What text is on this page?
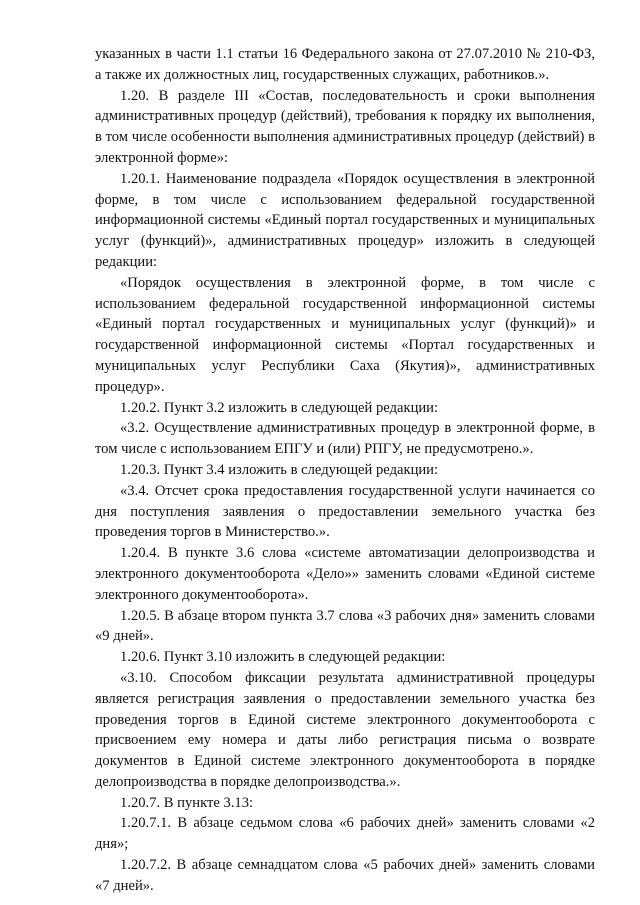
указанных в части 1.1 статьи 16 Федерального закона от 27.07.2010 № 210-ФЗ, а также их должностных лиц, государственных служащих, работников.».

1.20. В разделе III «Состав, последовательность и сроки выполнения административных процедур (действий), требования к порядку их выполнения, в том числе особенности выполнения административных процедур (действий) в электронной форме»:

1.20.1. Наименование подраздела «Порядок осуществления в электронной форме, в том числе с использованием федеральной государственной информационной системы «Единый портал государственных и муниципальных услуг (функций)», административных процедур» изложить в следующей редакции:

«Порядок осуществления в электронной форме, в том числе с использованием федеральной государственной информационной системы «Единый портал государственных и муниципальных услуг (функций)» и государственной информационной системы «Портал государственных и муниципальных услуг Республики Саха (Якутия)», административных процедур».

1.20.2. Пункт 3.2 изложить в следующей редакции:

«3.2. Осуществление административных процедур в электронной форме, в том числе с использованием ЕПГУ и (или) РПГУ, не предусмотрено.».

1.20.3. Пункт 3.4 изложить в следующей редакции:

«3.4. Отсчет срока предоставления государственной услуги начинается со дня поступления заявления о предоставлении земельного участка без проведения торгов в Министерство.».

1.20.4. В пункте 3.6 слова «системе автоматизации делопроизводства и электронного документооборота «Дело»» заменить словами «Единой системе электронного документооборота».

1.20.5. В абзаце втором пункта 3.7 слова «3 рабочих дня» заменить словами «9 дней».

1.20.6. Пункт 3.10 изложить в следующей редакции:

«3.10. Способом фиксации результата административной процедуры является регистрация заявления о предоставлении земельного участка без проведения торгов в Единой системе электронного документооборота с присвоением ему номера и даты либо регистрация письма о возврате документов в Единой системе электронного документооборота в порядке делопроизводства в порядке делопроизводства.».

1.20.7. В пункте 3.13:

1.20.7.1. В абзаце седьмом слова «6 рабочих дней» заменить словами «2 дня»;

1.20.7.2. В абзаце семнадцатом слова «5 рабочих дней» заменить словами «7 дней».
